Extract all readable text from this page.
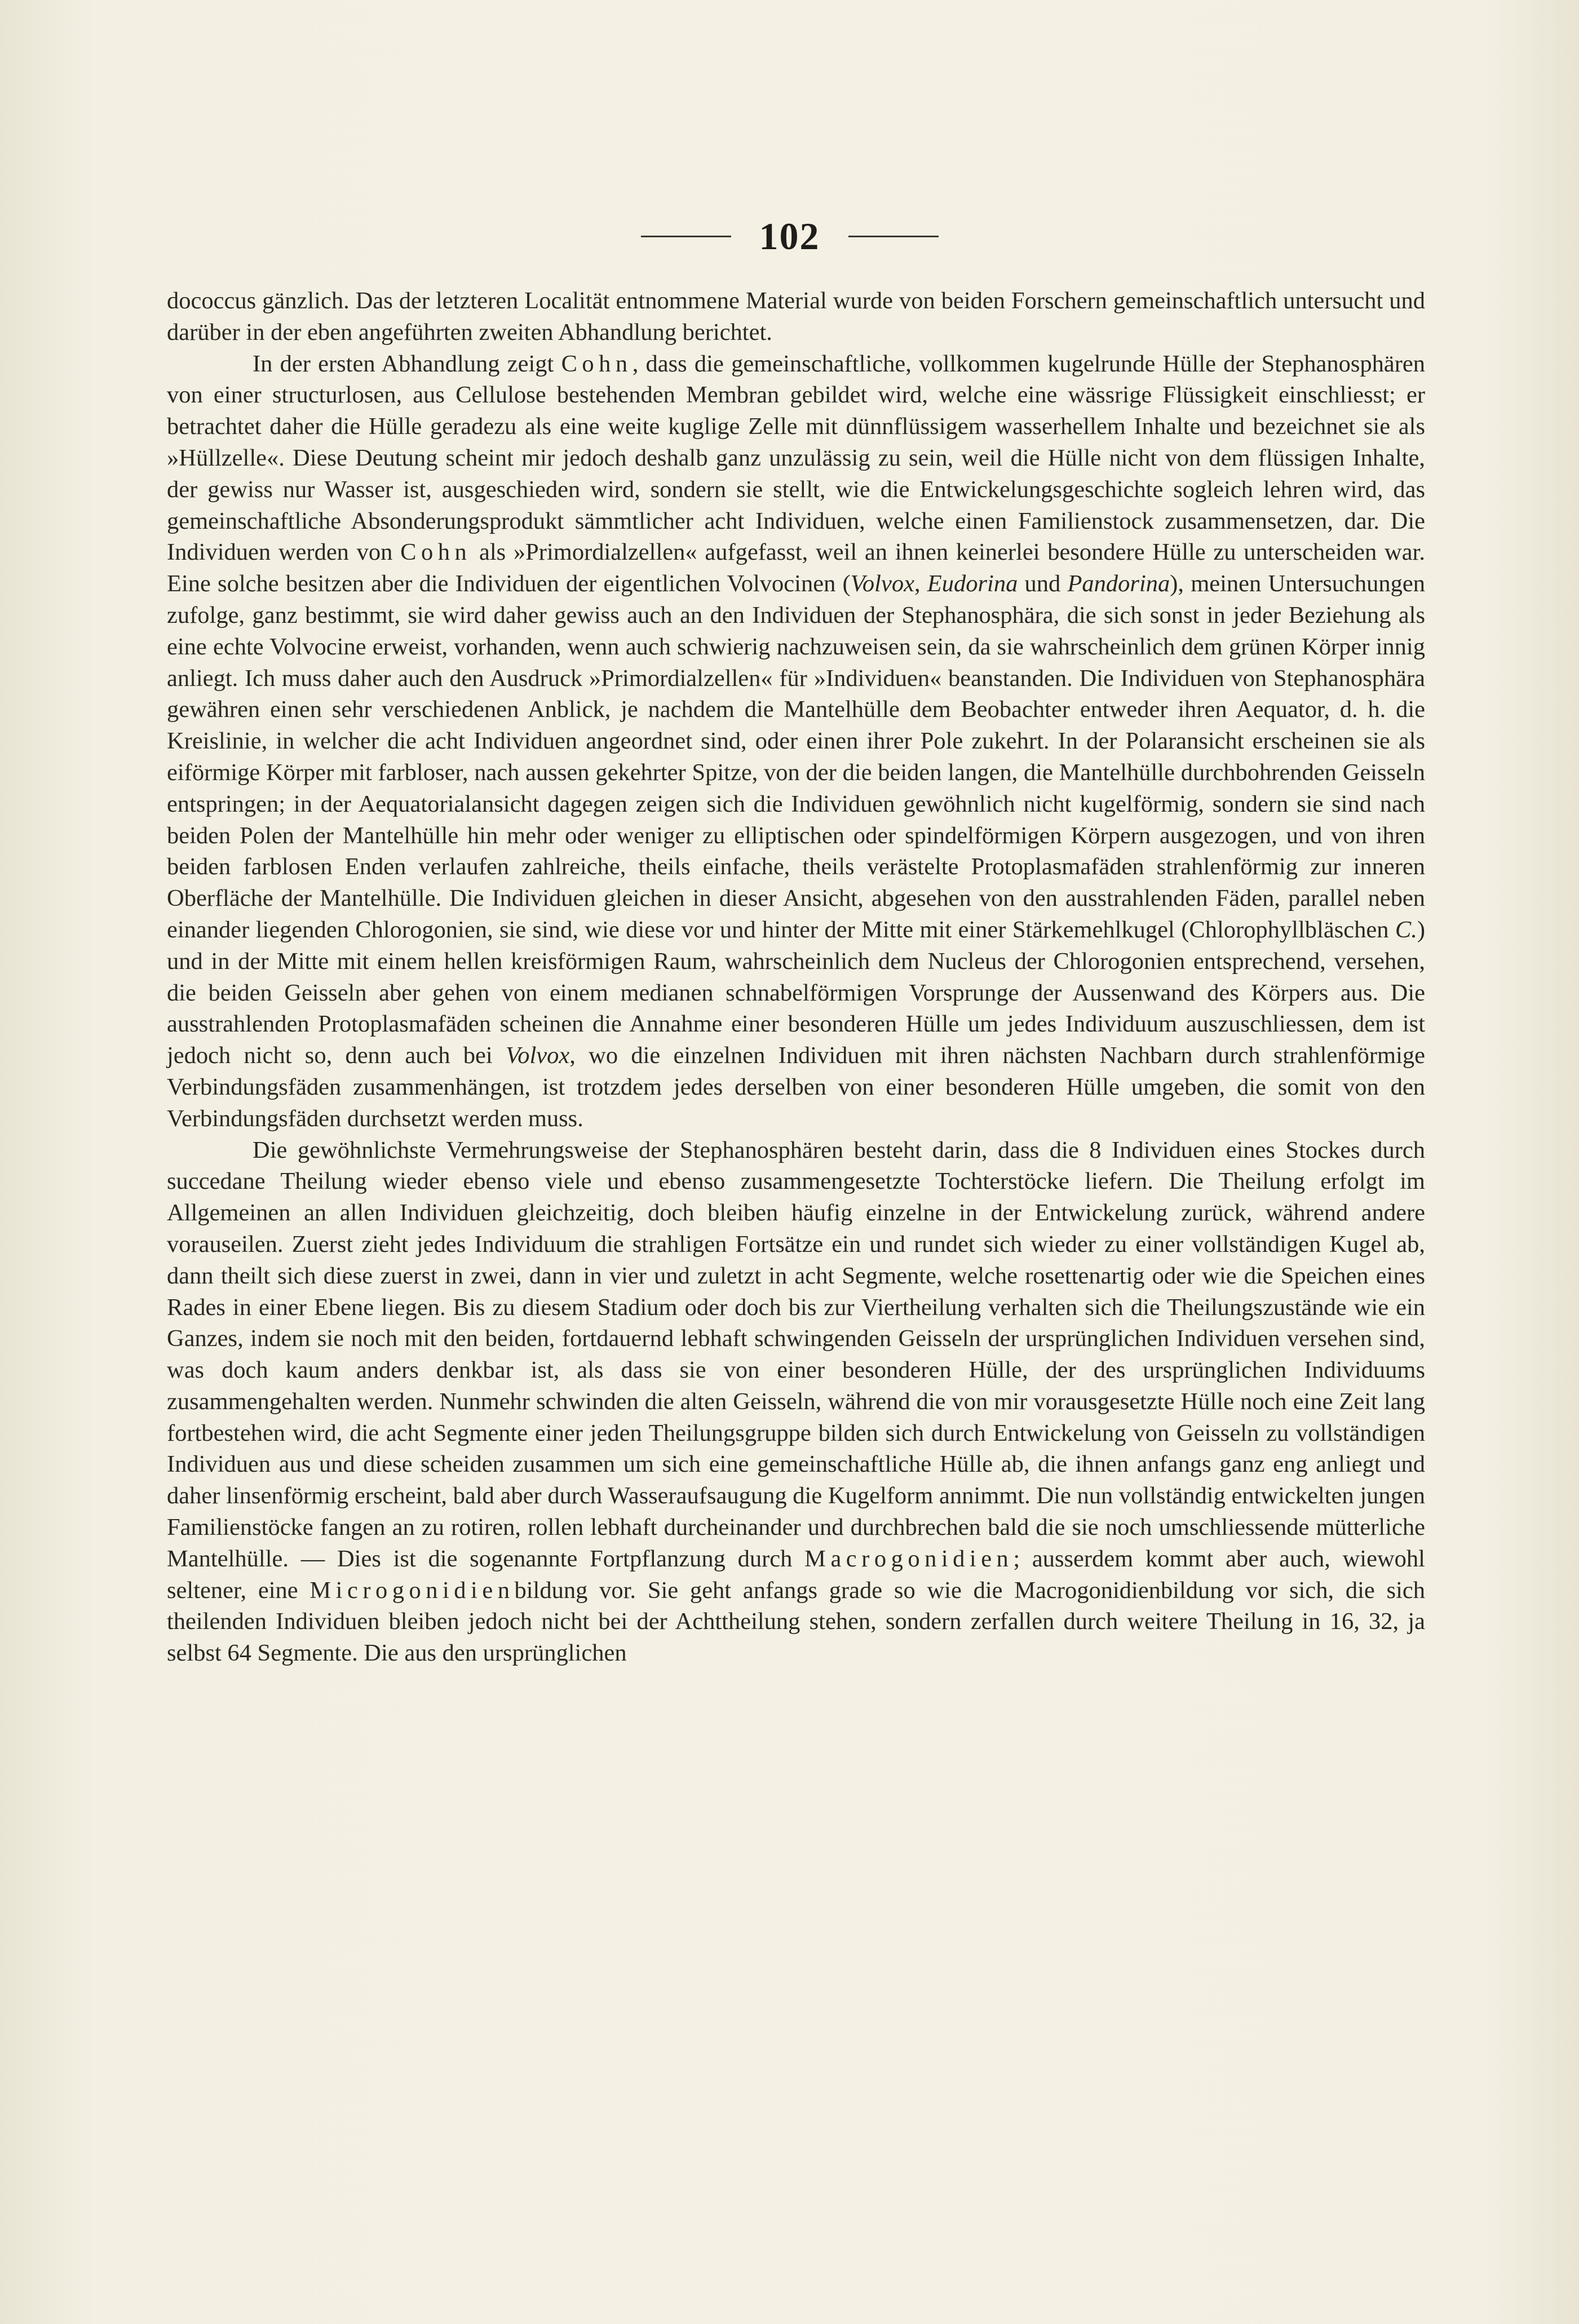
102

dococcus gänzlich. Das der letzteren Localität entnommene Material wurde von beiden Forschern gemeinschaftlich untersucht und darüber in der eben angeführten zweiten Abhandlung berichtet.

In der ersten Abhandlung zeigt Cohn, dass die gemeinschaftliche, vollkommen kugelrunde Hülle der Stephanosphären von einer structurlosen, aus Cellulose bestehenden Membran gebildet wird, welche eine wässrige Flüssigkeit einschliesst; er betrachtet daher die Hülle geradezu als eine weite kuglige Zelle mit dünnflüssigem wasserhellem Inhalte und bezeichnet sie als »Hüllzelle«. Diese Deutung scheint mir jedoch deshalb ganz unzulässig zu sein, weil die Hülle nicht von dem flüssigen Inhalte, der gewiss nur Wasser ist, ausgeschieden wird, sondern sie stellt, wie die Entwickelungsgeschichte sogleich lehren wird, das gemeinschaftliche Absonderungsprodukt sämmtlicher acht Individuen, welche einen Familienstock zusammensetzen, dar. Die Individuen werden von Cohn als »Primordialzellen« aufgefasst, weil an ihnen keinerlei besondere Hülle zu unterscheiden war. Eine solche besitzen aber die Individuen der eigentlichen Volvocinen (Volvox, Eudorina und Pandorina), meinen Untersuchungen zufolge, ganz bestimmt, sie wird daher gewiss auch an den Individuen der Stephanosphära, die sich sonst in jeder Beziehung als eine echte Volvocine erweist, vorhanden, wenn auch schwierig nachzuweisen sein, da sie wahrscheinlich dem grünen Körper innig anliegt. Ich muss daher auch den Ausdruck »Primordialzellen« für »Individuen« beanstanden. Die Individuen von Stephanosphära gewähren einen sehr verschiedenen Anblick, je nachdem die Mantelhülle dem Beobachter entweder ihren Aequator, d. h. die Kreislinie, in welcher die acht Individuen angeordnet sind, oder einen ihrer Pole zukehrt. In der Polaransicht erscheinen sie als eiförmige Körper mit farbloser, nach aussen gekehrter Spitze, von der die beiden langen, die Mantelhülle durchbohrenden Geisseln entspringen; in der Aequatorialansicht dagegen zeigen sich die Individuen gewöhnlich nicht kugelförmig, sondern sie sind nach beiden Polen der Mantelhülle hin mehr oder weniger zu elliptischen oder spindelförmigen Körpern ausgezogen, und von ihren beiden farblosen Enden verlaufen zahlreiche, theils einfache, theils verästelte Protoplasmafäden strahlenförmig zur inneren Oberfläche der Mantelhülle. Die Individuen gleichen in dieser Ansicht, abgesehen von den ausstrahlenden Fäden, parallel neben einander liegenden Chlorogonien, sie sind, wie diese vor und hinter der Mitte mit einer Stärkemehlkugel (Chlorophyllbläschen C.) und in der Mitte mit einem hellen kreisförmigen Raum, wahrscheinlich dem Nucleus der Chlorogonien entsprechend, versehen, die beiden Geisseln aber gehen von einem medianen schnabelförmigen Vorsprunge der Aussenwand des Körpers aus. Die ausstrahlenden Protoplasmafäden scheinen die Annahme einer besonderen Hülle um jedes Individuum auszuschliessen, dem ist jedoch nicht so, denn auch bei Volvox, wo die einzelnen Individuen mit ihren nächsten Nachbarn durch strahlenförmige Verbindungsfäden zusammenhängen, ist trotzdem jedes derselben von einer besonderen Hülle umgeben, die somit von den Verbindungsfäden durchsetzt werden muss.

Die gewöhnlichste Vermehrungsweise der Stephanosphären besteht darin, dass die 8 Individuen eines Stockes durch succedane Theilung wieder ebenso viele und ebenso zusammengesetzte Tochterstöcke liefern. Die Theilung erfolgt im Allgemeinen an allen Individuen gleichzeitig, doch bleiben häufig einzelne in der Entwickelung zurück, während andere vorauseilen. Zuerst zieht jedes Individuum die strahligen Fortsätze ein und rundet sich wieder zu einer vollständigen Kugel ab, dann theilt sich diese zuerst in zwei, dann in vier und zuletzt in acht Segmente, welche rosettenartig oder wie die Speichen eines Rades in einer Ebene liegen. Bis zu diesem Stadium oder doch bis zur Viertheilung verhalten sich die Theilungszustände wie ein Ganzes, indem sie noch mit den beiden, fortdauernd lebhaft schwingenden Geisseln der ursprünglichen Individuen versehen sind, was doch kaum anders denkbar ist, als dass sie von einer besonderen Hülle, der des ursprünglichen Individuums zusammengehalten werden. Nunmehr schwinden die alten Geisseln, während die von mir vorausgesetzte Hülle noch eine Zeit lang fortbestehen wird, die acht Segmente einer jeden Theilungsgruppe bilden sich durch Entwickelung von Geisseln zu vollständigen Individuen aus und diese scheiden zusammen um sich eine gemeinschaftliche Hülle ab, die ihnen anfangs ganz eng anliegt und daher linsenförmig erscheint, bald aber durch Wasseraufsaugung die Kugelform annimmt. Die nun vollständig entwickelten jungen Familienstöcke fangen an zu rotiren, rollen lebhaft durcheinander und durchbrechen bald die sie noch umschliessende mütterliche Mantelhülle. — Dies ist die sogenannte Fortpflanzung durch Macrogonidien; ausserdem kommt aber auch, wiewohl seltener, eine Microgonidienbildung vor. Sie geht anfangs grade so wie die Macrogonidienbildung vor sich, die sich theilenden Individuen bleiben jedoch nicht bei der Achttheilung stehen, sondern zerfallen durch weitere Theilung in 16, 32, ja selbst 64 Segmente. Die aus den ursprünglichen
